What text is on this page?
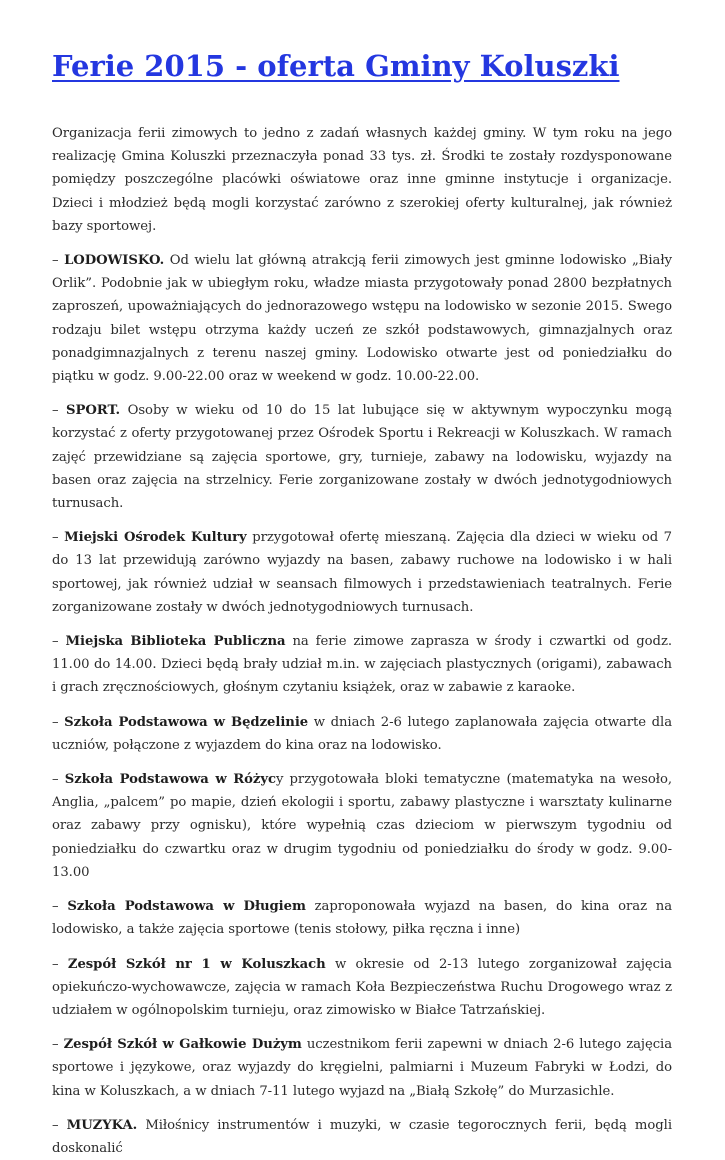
Ferie 2015 - oferta Gminy Koluszki

Organizacja ferii zimowych to jedno z zadań własnych każdej gminy. W tym roku na jego realizację Gmina Koluszki przeznaczyła ponad 33 tys. zł. Środki te zostały rozdysponowane pomiędzy poszczególne placówki oświatowe oraz inne gminne instytucje i organizacje. Dzieci i młodzież będą mogli korzystać zarówno z szerokiej oferty kulturalnej, jak również bazy sportowej.

– LODOWISKO. Od wielu lat główną atrakcją ferii zimowych jest gminne lodowisko „Biały Orlik”. Podobnie jak w ubiegłym roku, władze miasta przygotowały ponad 2800 bezpłatnych zaproszeń, upoważniających do jednorazowego wstępu na lodowisko w sezonie 2015. Swego rodzaju bilet wstępu otrzyma każdy uczeń ze szkół podstawowych, gimnazjalnych oraz ponadgimnazjalnych z terenu naszej gminy. Lodowisko otwarte jest od poniedziałku do piątku w godz. 9.00-22.00 oraz w weekend w godz. 10.00-22.00.

– SPORT. Osoby w wieku od 10 do 15 lat lubujące się w aktywnym wypoczynku mogą korzystać z oferty przygotowanej przez Ośrodek Sportu i Rekreacji w Koluszkach. W ramach zajęć przewidziane są zajęcia sportowe, gry, turnieje, zabawy na lodowisku, wyjazdy na basen oraz zajęcia na strzelnicy. Ferie zorganizowane zostały w dwóch jednotygodniowych turnusach.

– Miejski Ośrodek Kultury przygotował ofertę mieszaną. Zajęcia dla dzieci w wieku od 7 do 13 lat przewidują zarówno wyjazdy na basen, zabawy ruchowe na lodowisko i w hali sportowej, jak również udział w seansach filmowych i przedstawieniach teatralnych. Ferie zorganizowane zostały w dwóch jednotygodniowych turnusach.

– Miejska Biblioteka Publiczna na ferie zimowe zaprasza w środy i czwartki od godz. 11.00 do 14.00. Dzieci będą brały udział m.in. w zajęciach plastycznych (origami), zabawach i grach zręcznościowych, głośnym czytaniu książek, oraz w zabawie z karaoke.

– Szkoła Podstawowa w Będzelinie w dniach 2-6 lutego zaplanowała zajęcia otwarte dla uczniów, połączone z wyjazdem do kina oraz na lodowisko.

– Szkoła Podstawowa w Różycy przygotowała bloki tematyczne (matematyka na wesoło, Anglia, „palcem” po mapie, dzień ekologii i sportu, zabawy plastyczne i warsztaty kulinarne oraz zabawy przy ognisku), które wypełnią czas dzieciom w pierwszym tygodniu od poniedziałku do czwartku oraz w drugim tygodniu od poniedziałku do środy w godz. 9.00-13.00

– Szkoła Podstawowa w Długiem zaproponowała wyjazd na basen, do kina oraz na lodowisko, a także zajęcia sportowe (tenis stołowy, piłka ręczna i inne)

– Zespół Szkół nr 1 w Koluszkach w okresie od 2-13 lutego zorganizował zajęcia opiekuńczo-wychowawcze, zajęcia w ramach Koła Bezpieczeństwa Ruchu Drogowego wraz z udziałem w ogólnopolskim turnieju, oraz zimowisko w Białce Tatrzańskiej.

– Zespół Szkół w Gałkowie Dużym uczestnikom ferii zapewni w dniach 2-6 lutego zajęcia sportowe i językowe, oraz wyjazdy do kręgielni, palmiarni i Muzeum Fabryki w Łodzi, do kina w Koluszkach, a w dniach 7-11 lutego wyjazd na „Białą Szkołę” do Murzasichle.

– MUZYKA. Miłośnicy instrumentów i muzyki, w czasie tegorocznych ferii, będą mogli doskonalić
